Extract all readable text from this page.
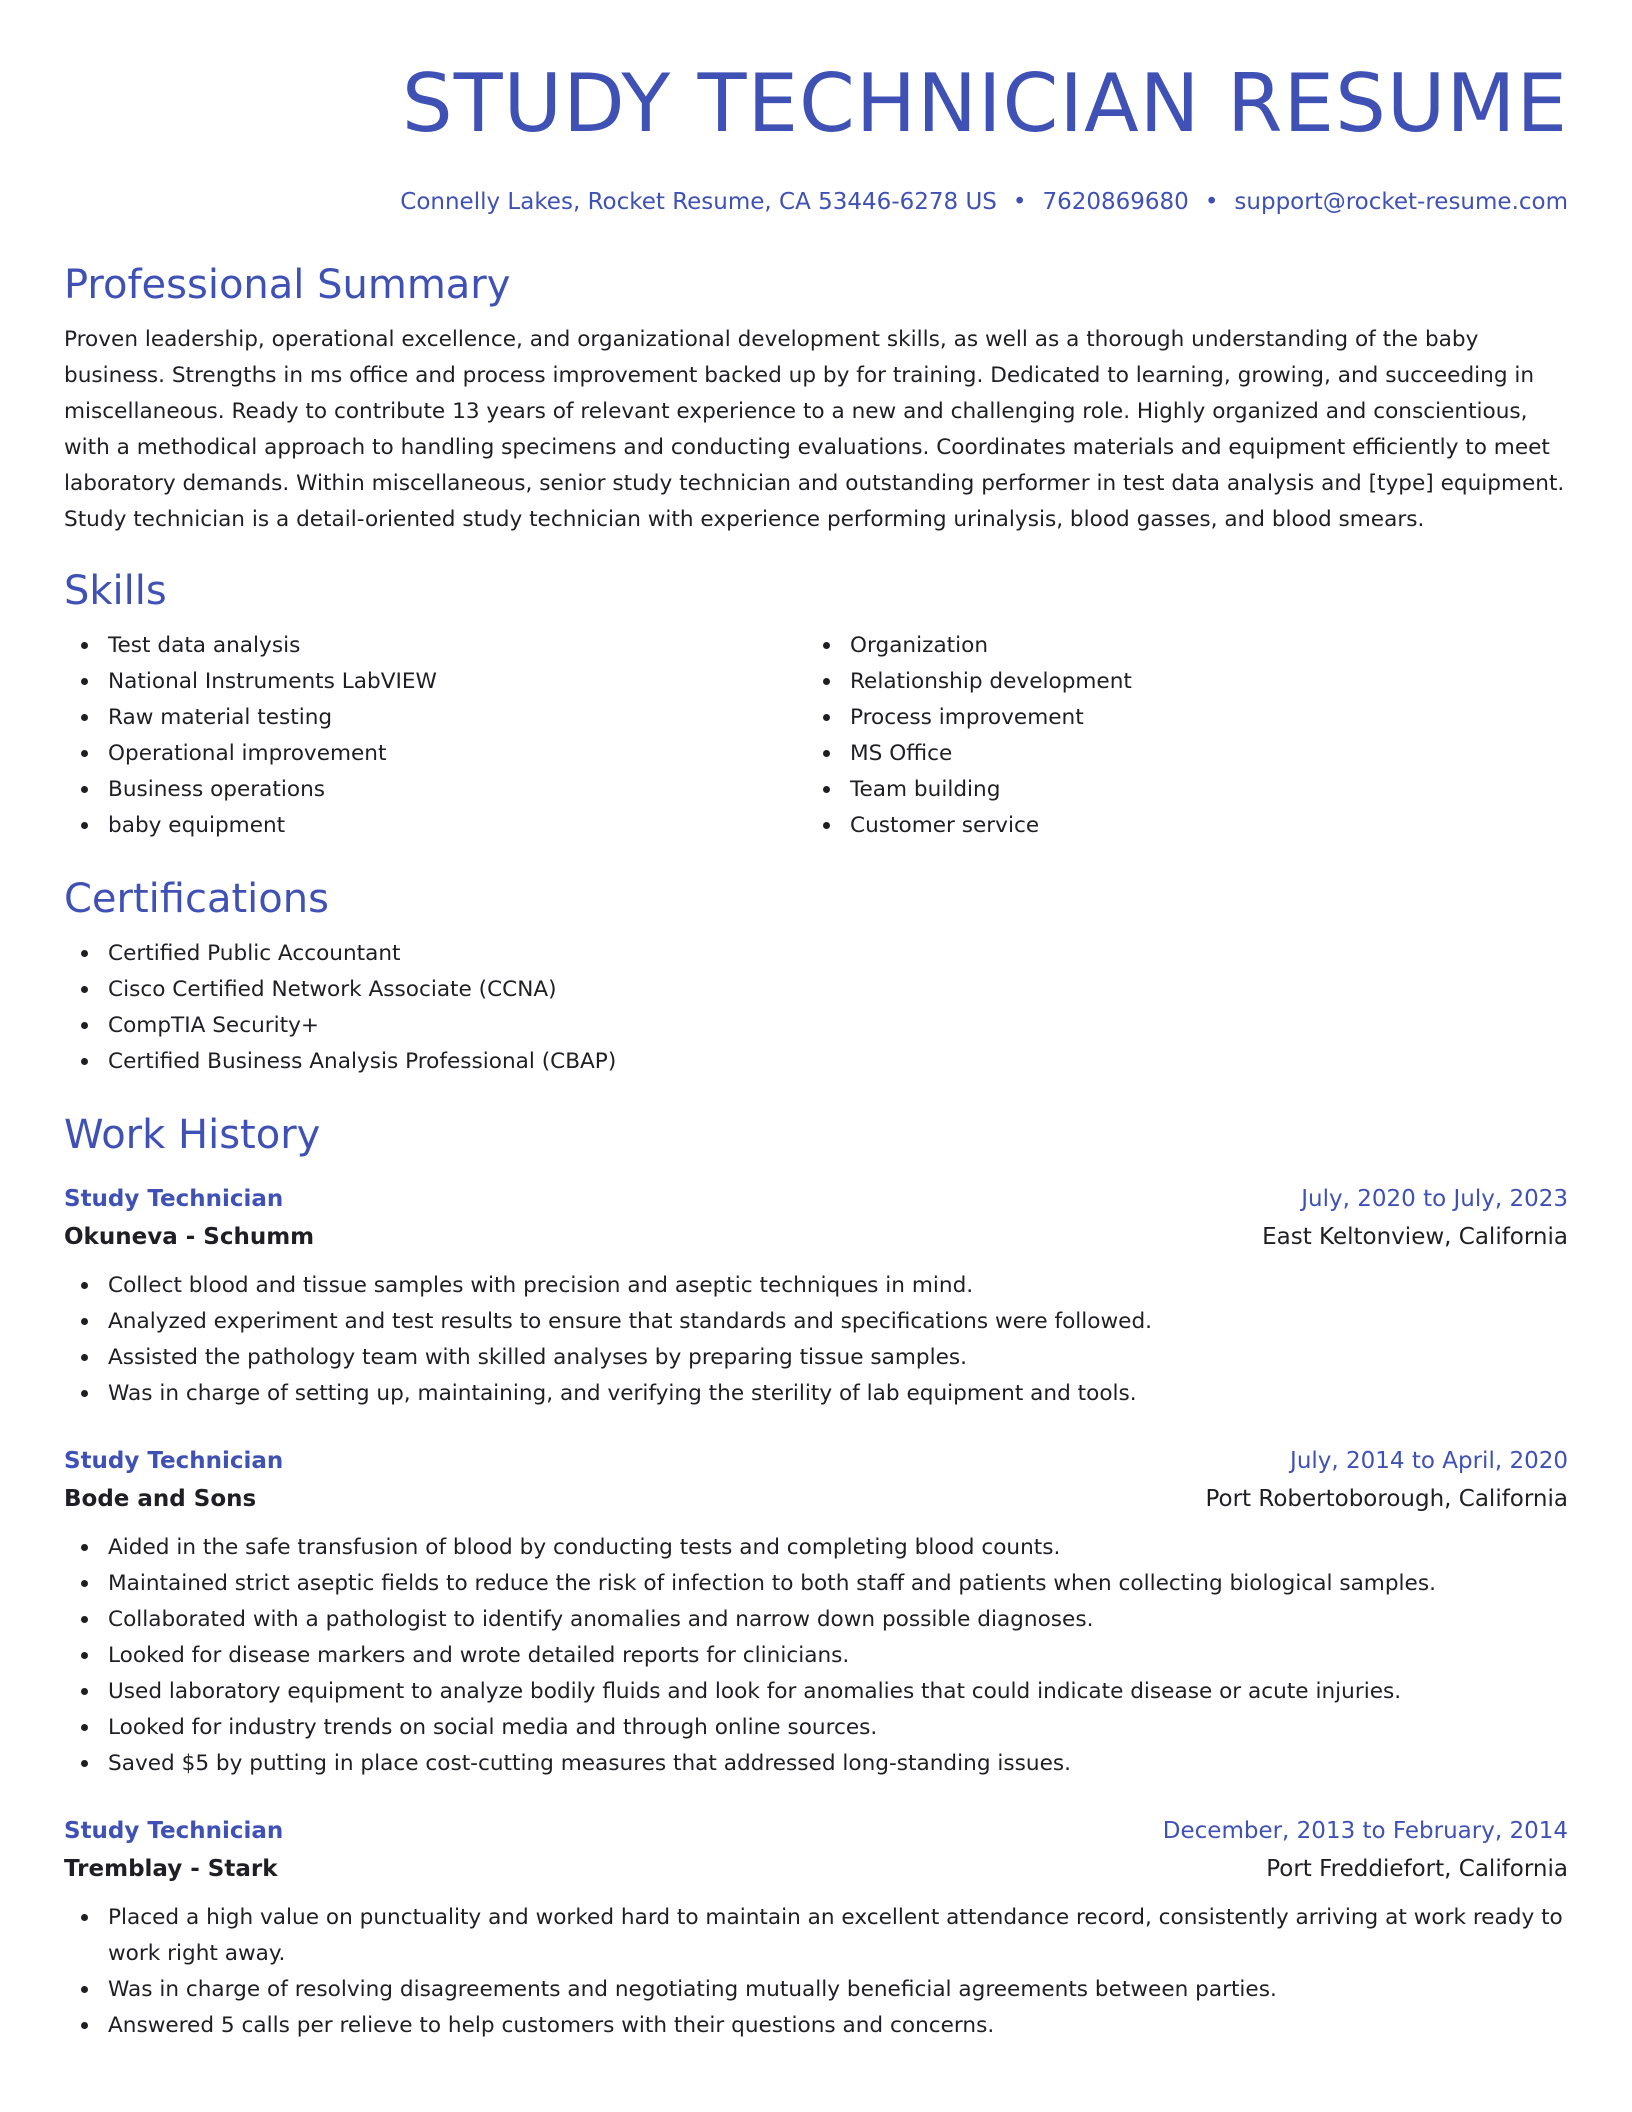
STUDY TECHNICIAN RESUME
Connelly Lakes, Rocket Resume, CA 53446-6278 US • 7620869680 • support@rocket-resume.com
Professional Summary

Proven leadership, operational excellence, and organizational development skills, as well as a thorough understanding of the baby business. Strengths in ms office and process improvement backed up by for training. Dedicated to learning, growing, and succeeding in miscellaneous. Ready to contribute 13 years of relevant experience to a new and challenging role. Highly organized and conscientious, with a methodical approach to handling specimens and conducting evaluations. Coordinates materials and equipment efficiently to meet laboratory demands. Within miscellaneous, senior study technician and outstanding performer in test data analysis and [type] equipment. Study technician is a detail-oriented study technician with experience performing urinalysis, blood gasses, and blood smears.

Skills
Test data analysis
National Instruments LabVIEW
Raw material testing
Operational improvement
Business operations
baby equipment
Organization
Relationship development
Process improvement
MS Office
Team building
Customer service
Certifications
Certified Public Accountant
Cisco Certified Network Associate (CCNA)
CompTIA Security+
Certified Business Analysis Professional (CBAP)
Work History
Study Technician	July, 2020 to July, 2023
Okuneva - Schumm	East Keltonview, California
Collect blood and tissue samples with precision and aseptic techniques in mind.
Analyzed experiment and test results to ensure that standards and specifications were followed.
Assisted the pathology team with skilled analyses by preparing tissue samples.
Was in charge of setting up, maintaining, and verifying the sterility of lab equipment and tools.
Study Technician	July, 2014 to April, 2020
Bode and Sons	Port Robertoborough, California
Aided in the safe transfusion of blood by conducting tests and completing blood counts.
Maintained strict aseptic fields to reduce the risk of infection to both staff and patients when collecting biological samples.
Collaborated with a pathologist to identify anomalies and narrow down possible diagnoses.
Looked for disease markers and wrote detailed reports for clinicians.
Used laboratory equipment to analyze bodily fluids and look for anomalies that could indicate disease or acute injuries.
Looked for industry trends on social media and through online sources.
Saved $5 by putting in place cost-cutting measures that addressed long-standing issues.
Study Technician	December, 2013 to February, 2014
Tremblay - Stark	Port Freddiefort, California
Placed a high value on punctuality and worked hard to maintain an excellent attendance record, consistently arriving at work ready to work right away.
Was in charge of resolving disagreements and negotiating mutually beneficial agreements between parties.
Answered 5 calls per relieve to help customers with their questions and concerns.
